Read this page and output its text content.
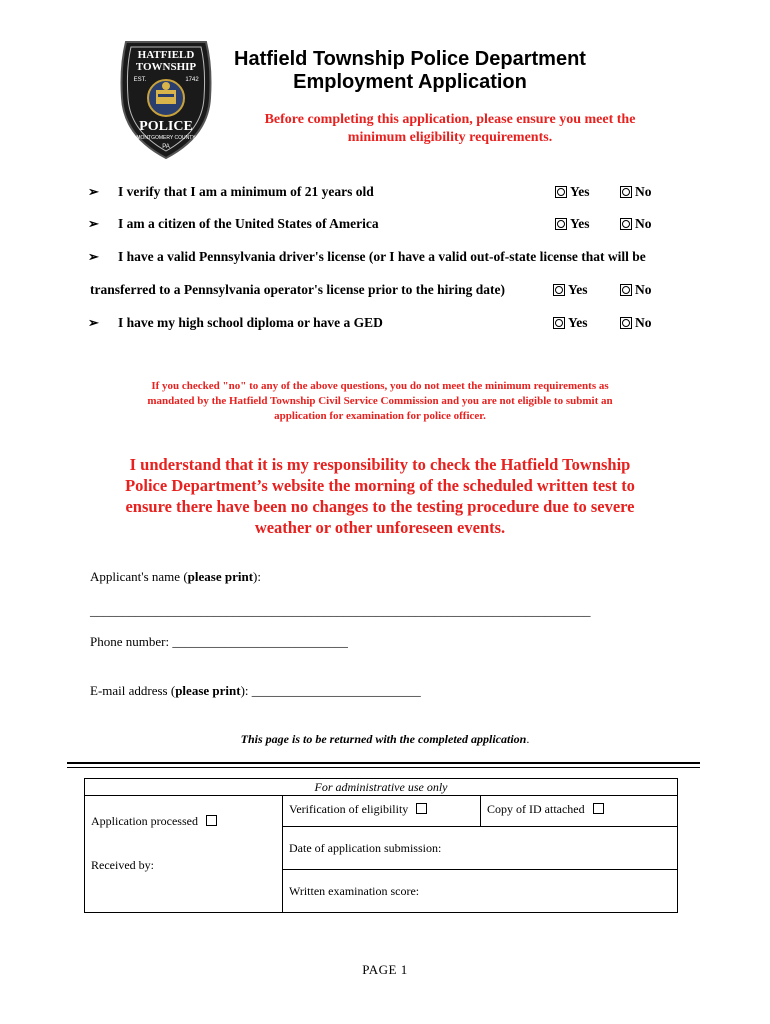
HATFIELD
TOWNSHIP
EST.	1742
POLICE
MONTGOMERY COUNTY
PA
Hatfield Township Police Department
Employment Application
Before completing this application, please ensure you meet the
minimum eligibility requirements.
➢ I verify that I am a minimum of 21 years old	Yes	No
➢ I am a citizen of the United States of America	Yes	No
➢ I have a valid Pennsylvania driver's license (or I have a valid out-of-state license that will be
transferred to a Pennsylvania operator's license prior to the hiring date)	Yes	No
➢ I have my high school diploma or have a GED	Yes	No
If you checked "no" to any of the above questions, you do not meet the minimum requirements as
mandated by the Hatfield Township Civil Service Commission and you are not eligible to submit an
application for examination for police officer.
I understand that it is my responsibility to check the Hatfield Township
Police Department’s website the morning of the scheduled written test to
ensure there have been no changes to the testing procedure due to severe
weather or other unforeseen events.
Applicant's name (please print):
_____________________________________________________________________________
Phone number: ___________________________
E-mail address (please print): __________________________
This page is to be returned with the completed application.
For administrative use only

Application processed
Received by:
	Verification of eligibility	Copy of ID attached
Date of application submission:
Written examination score:
PAGE 1
